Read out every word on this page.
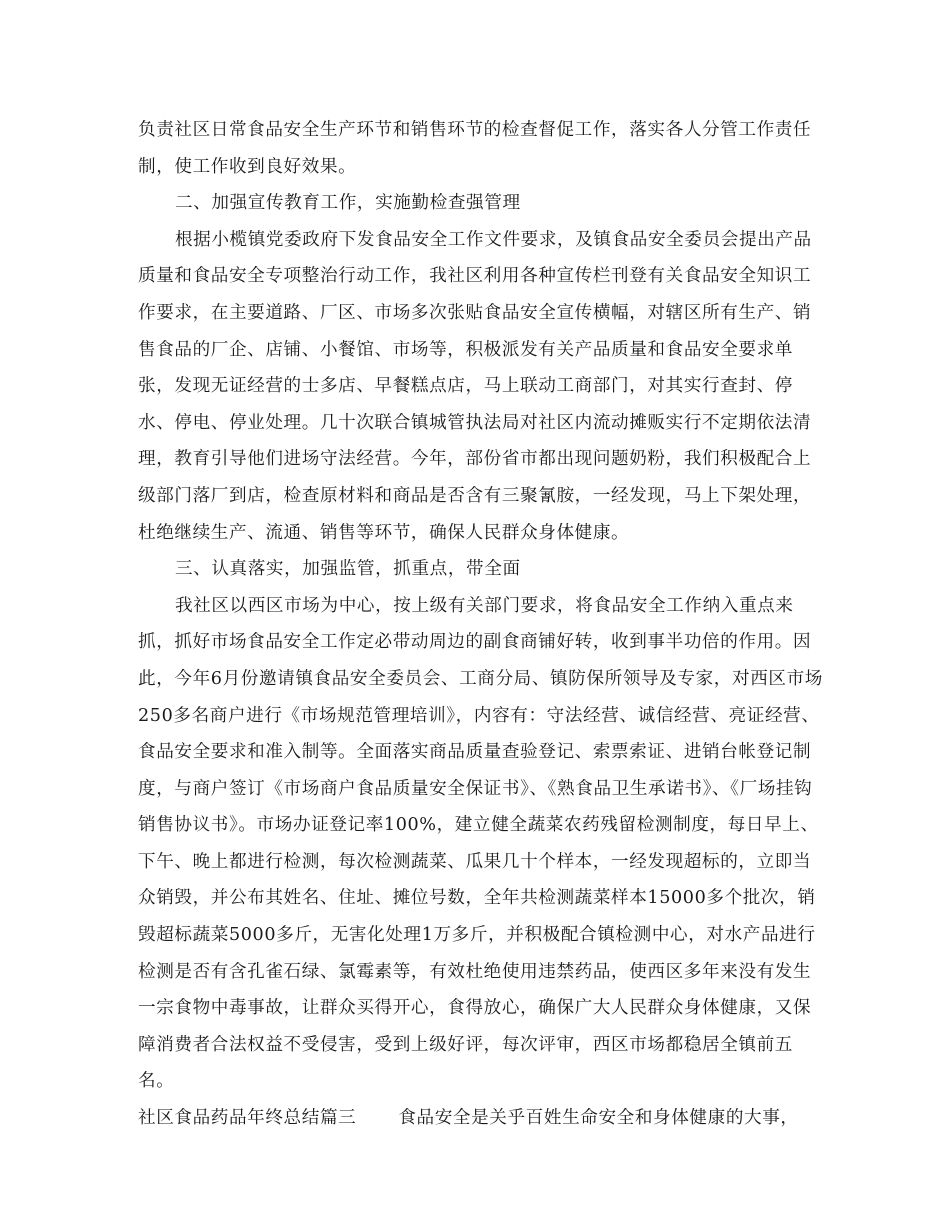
负责社区日常食品安全生产环节和销售环节的检查督促工作，落实各人分管工作责任制，使工作收到良好效果。

二、加强宣传教育工作，实施勤检查强管理

根据小榄镇党委政府下发食品安全工作文件要求，及镇食品安全委员会提出产品质量和食品安全专项整治行动工作，我社区利用各种宣传栏刊登有关食品安全知识工作要求，在主要道路、厂区、市场多次张贴食品安全宣传横幅，对辖区所有生产、销售食品的厂企、店铺、小餐馆、市场等，积极派发有关产品质量和食品安全要求单张，发现无证经营的士多店、早餐糕点店，马上联动工商部门，对其实行查封、停水、停电、停业处理。几十次联合镇城管执法局对社区内流动摊贩实行不定期依法清理，教育引导他们进场守法经营。今年，部份省市都出现问题奶粉，我们积极配合上级部门落厂到店，检查原材料和商品是否含有三聚氰胺，一经发现，马上下架处理，杜绝继续生产、流通、销售等环节，确保人民群众身体健康。

三、认真落实，加强监管，抓重点，带全面

我社区以西区市场为中心，按上级有关部门要求，将食品安全工作纳入重点来抓，抓好市场食品安全工作定必带动周边的副食商铺好转，收到事半功倍的作用。因此，今年6月份邀请镇食品安全委员会、工商分局、镇防保所领导及专家，对西区市场250多名商户进行《市场规范管理培训》，内容有：守法经营、诚信经营、亮证经营、食品安全要求和准入制等。全面落实商品质量查验登记、索票索证、进销台帐登记制度，与商户签订《市场商户食品质量安全保证书》、《熟食品卫生承诺书》、《厂场挂钩销售协议书》。市场办证登记率100%，建立健全蔬菜农药残留检测制度，每日早上、下午、晚上都进行检测，每次检测蔬菜、瓜果几十个样本，一经发现超标的，立即当众销毁，并公布其姓名、住址、摊位号数，全年共检测蔬菜样本15000多个批次，销毁超标蔬菜5000多斤，无害化处理1万多斤，并积极配合镇检测中心，对水产品进行检测是否有含孔雀石绿、氯霉素等，有效杜绝使用违禁药品，使西区多年来没有发生一宗食物中毒事故，让群众买得开心，食得放心，确保广大人民群众身体健康，又保障消费者合法权益不受侵害，受到上级好评，每次评审，西区市场都稳居全镇前五名。

社区食品药品年终总结篇三 食品安全是关乎百姓生命安全和身体健康的大事，
